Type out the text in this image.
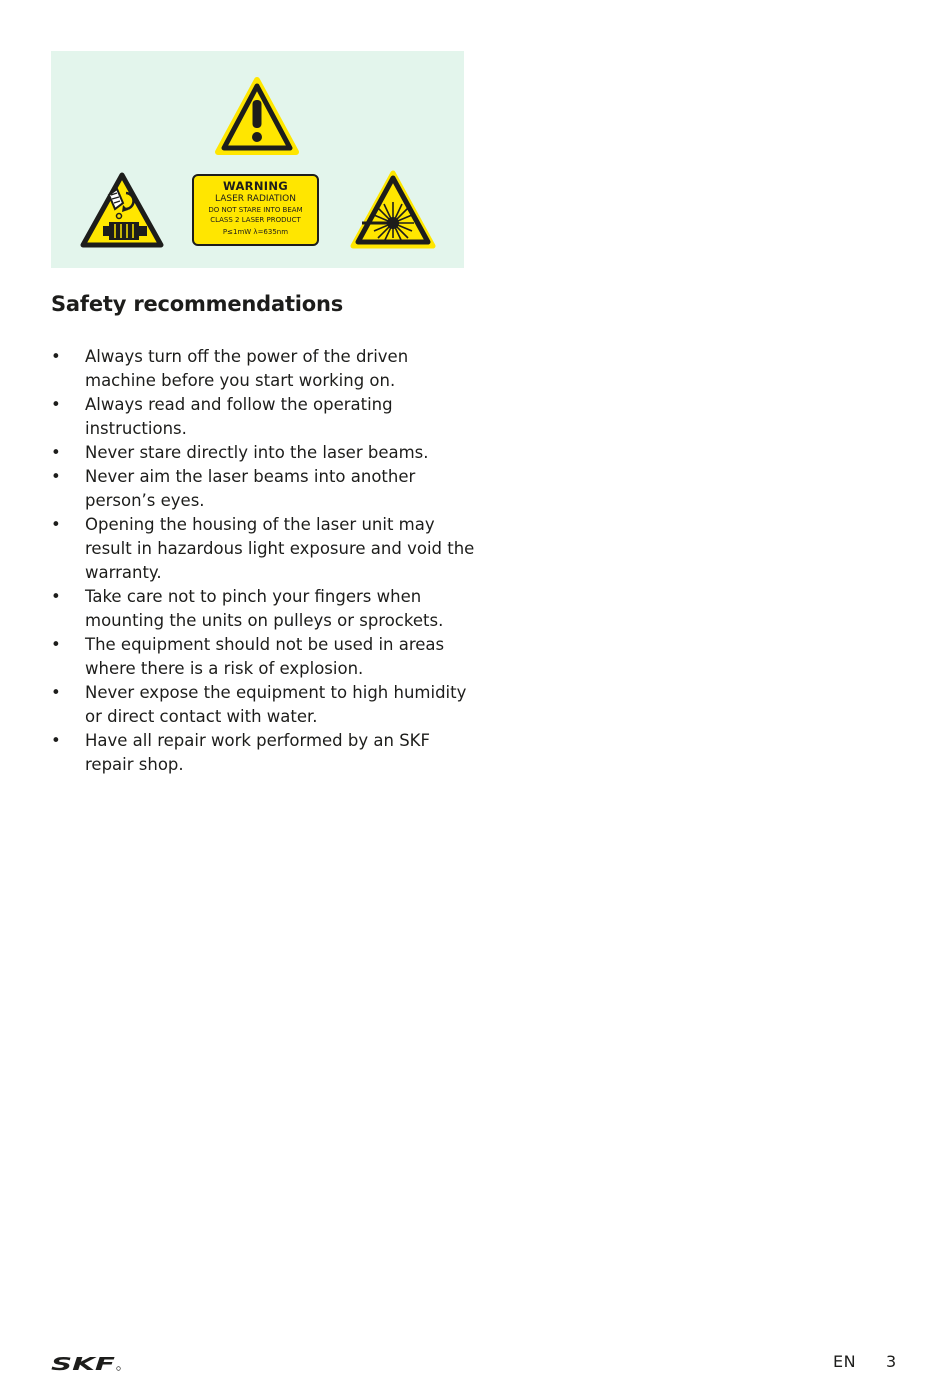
WARNING
LASER RADIATION
DO NOT STARE INTO BEAM
CLASS 2 LASER PRODUCT
P≤1mW λ=635nm
Safety recommendations
• Always turn off the power of the driven machine before you start working on.
• Always read and follow the operating instructions.
• Never stare directly into the laser beams.
• Never aim the laser beams into another person’s eyes.
• Opening the housing of the laser unit may result in hazardous light exposure and void the warranty.
• Take care not to pinch your fingers when mounting the units on pulleys or sprockets.
• The equipment should not be used in areas where there is a risk of explosion.
• Never expose the equipment to high humidity or direct contact with water.
• Have all repair work performed by an SKF repair shop.
SKF	EN 3
